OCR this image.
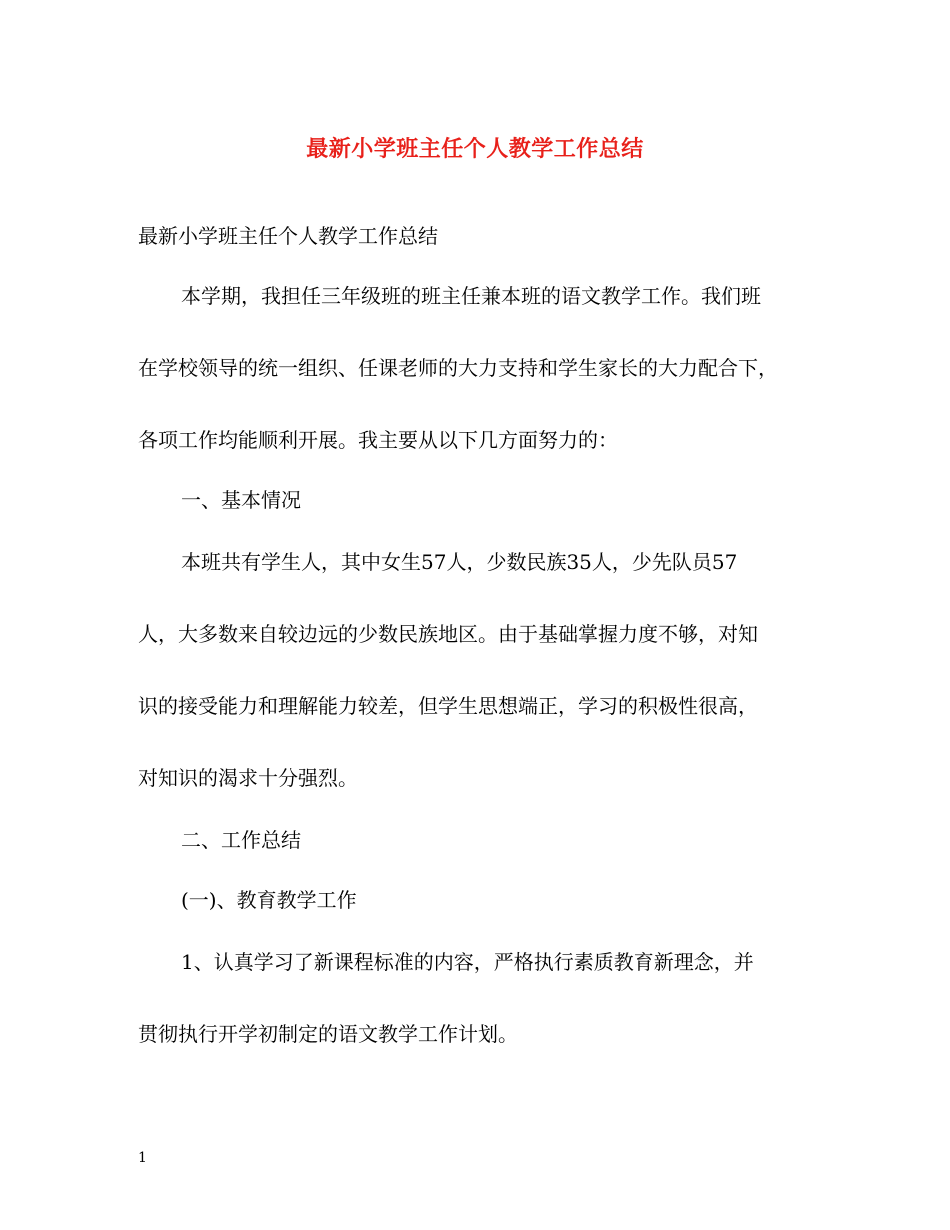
最新小学班主任个人教学工作总结
最新小学班主任个人教学工作总结
本学期，我担任三年级班的班主任兼本班的语文教学工作。我们班
在学校领导的统一组织、任课老师的大力支持和学生家长的大力配合下，
各项工作均能顺利开展。我主要从以下几方面努力的：
一、基本情况
本班共有学生人，其中女生57人，少数民族35人，少先队员57
人，大多数来自较边远的少数民族地区。由于基础掌握力度不够，对知
识的接受能力和理解能力较差，但学生思想端正，学习的积极性很高，
对知识的渴求十分强烈。
二、工作总结
(一)、教育教学工作
1、认真学习了新课程标准的内容，严格执行素质教育新理念，并
贯彻执行开学初制定的语文教学工作计划。
1
